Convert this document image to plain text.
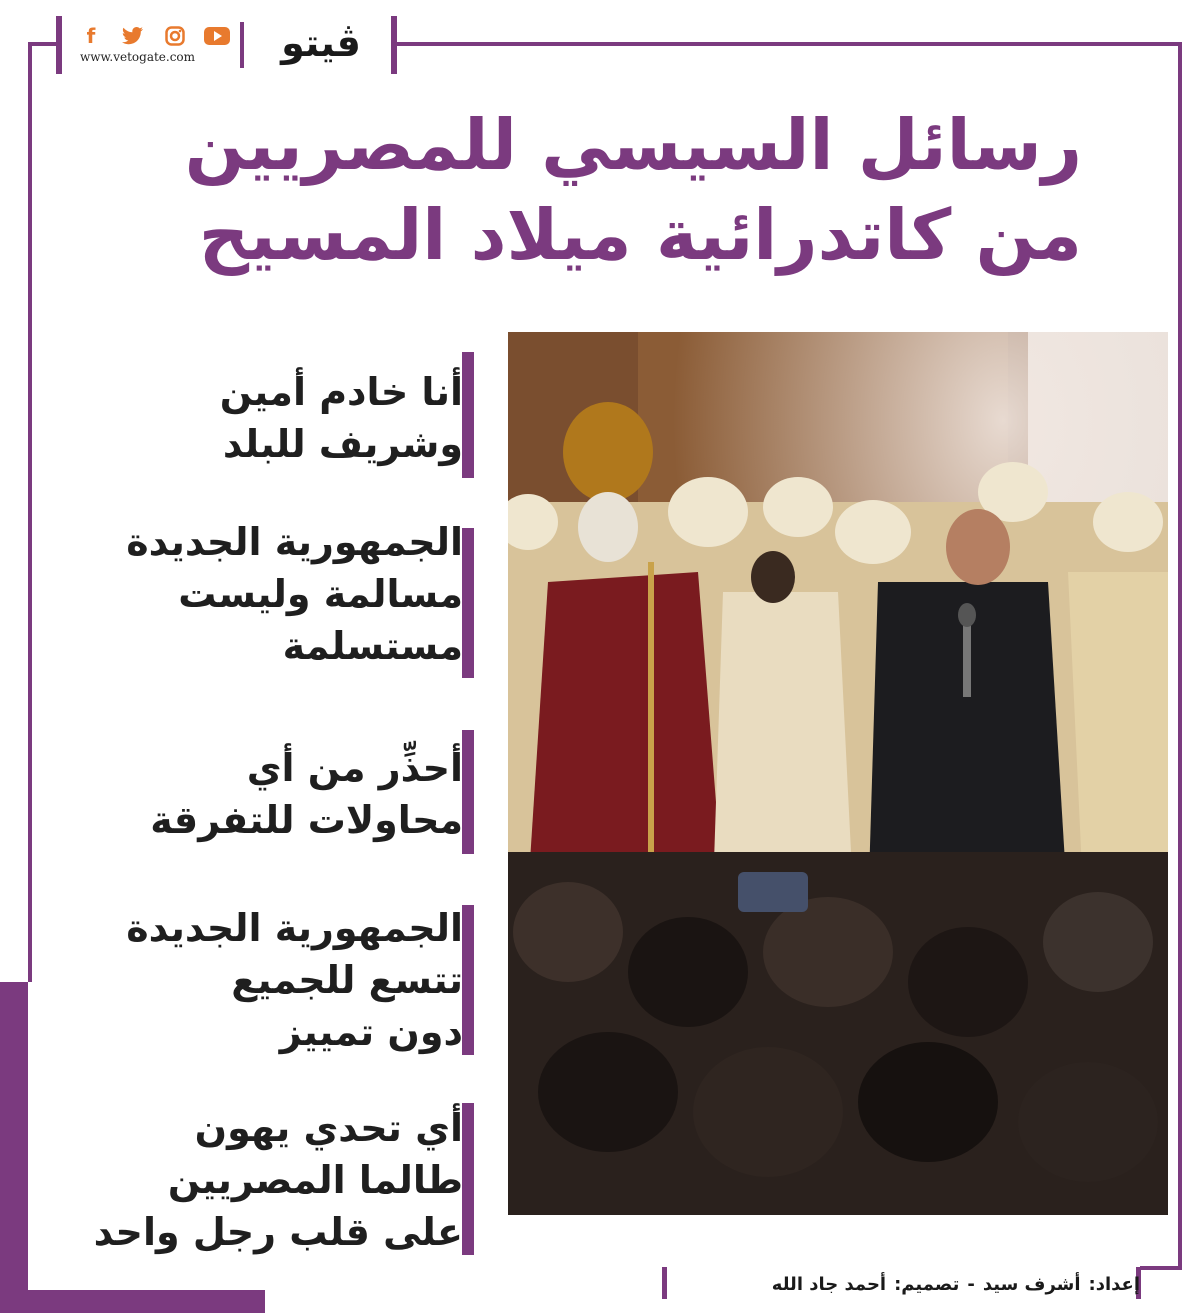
f
www.vetogate.com	ڤيتو
رسائل السيسي للمصريين
من كاتدرائية ميلاد المسيح
أنا خادم أمين
وشريف للبلد
الجمهورية الجديدة
مسالمة وليست
مستسلمة
أحذِّر من أي
محاولات للتفرقة
الجمهورية الجديدة
تتسع للجميع
دون تمييز
أي تحدي يهون
طالما المصريين
على قلب رجل واحد
إعداد:
أشرف سيد
-
تصميم:
أحمد جاد الله
